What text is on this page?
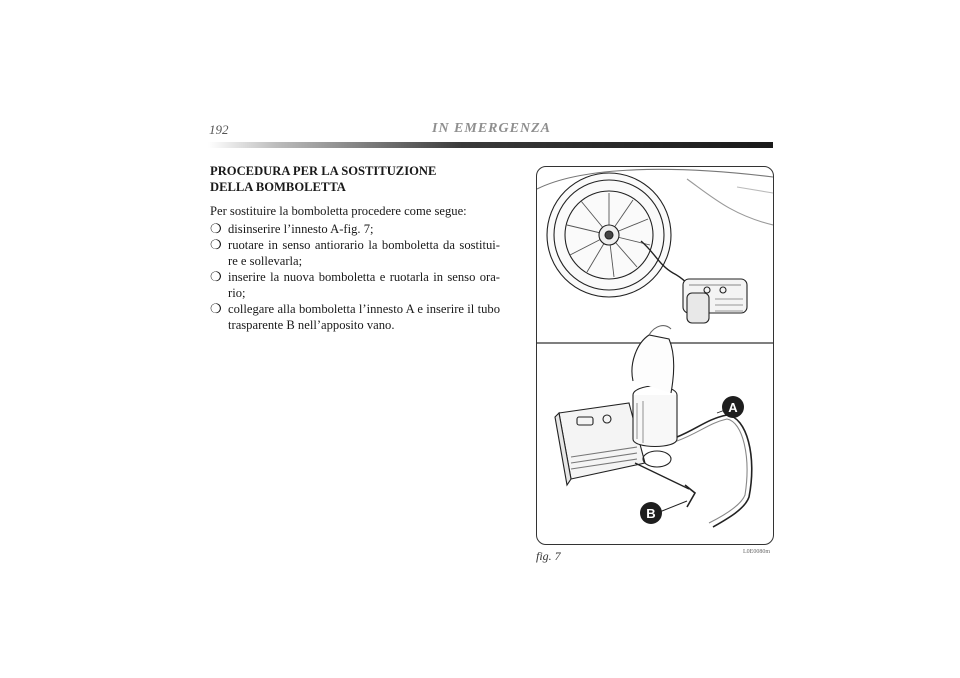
192	IN EMERGENZA
PROCEDURA PER LA SOSTITUZIONE
DELLA BOMBOLETTA
Per sostituire la bomboletta procedere come segue:
❍ disinserire l’innesto A-fig. 7;
❍ ruotare in senso antiorario la bomboletta da sostitui-re e sollevarla;
❍ inserire la nuova bomboletta e ruotarla in senso ora-rio;
❍ collegare alla bomboletta l’innesto A e inserire il tubo trasparente B nell’apposito vano.
A
B
fig. 7	L0E0080m
